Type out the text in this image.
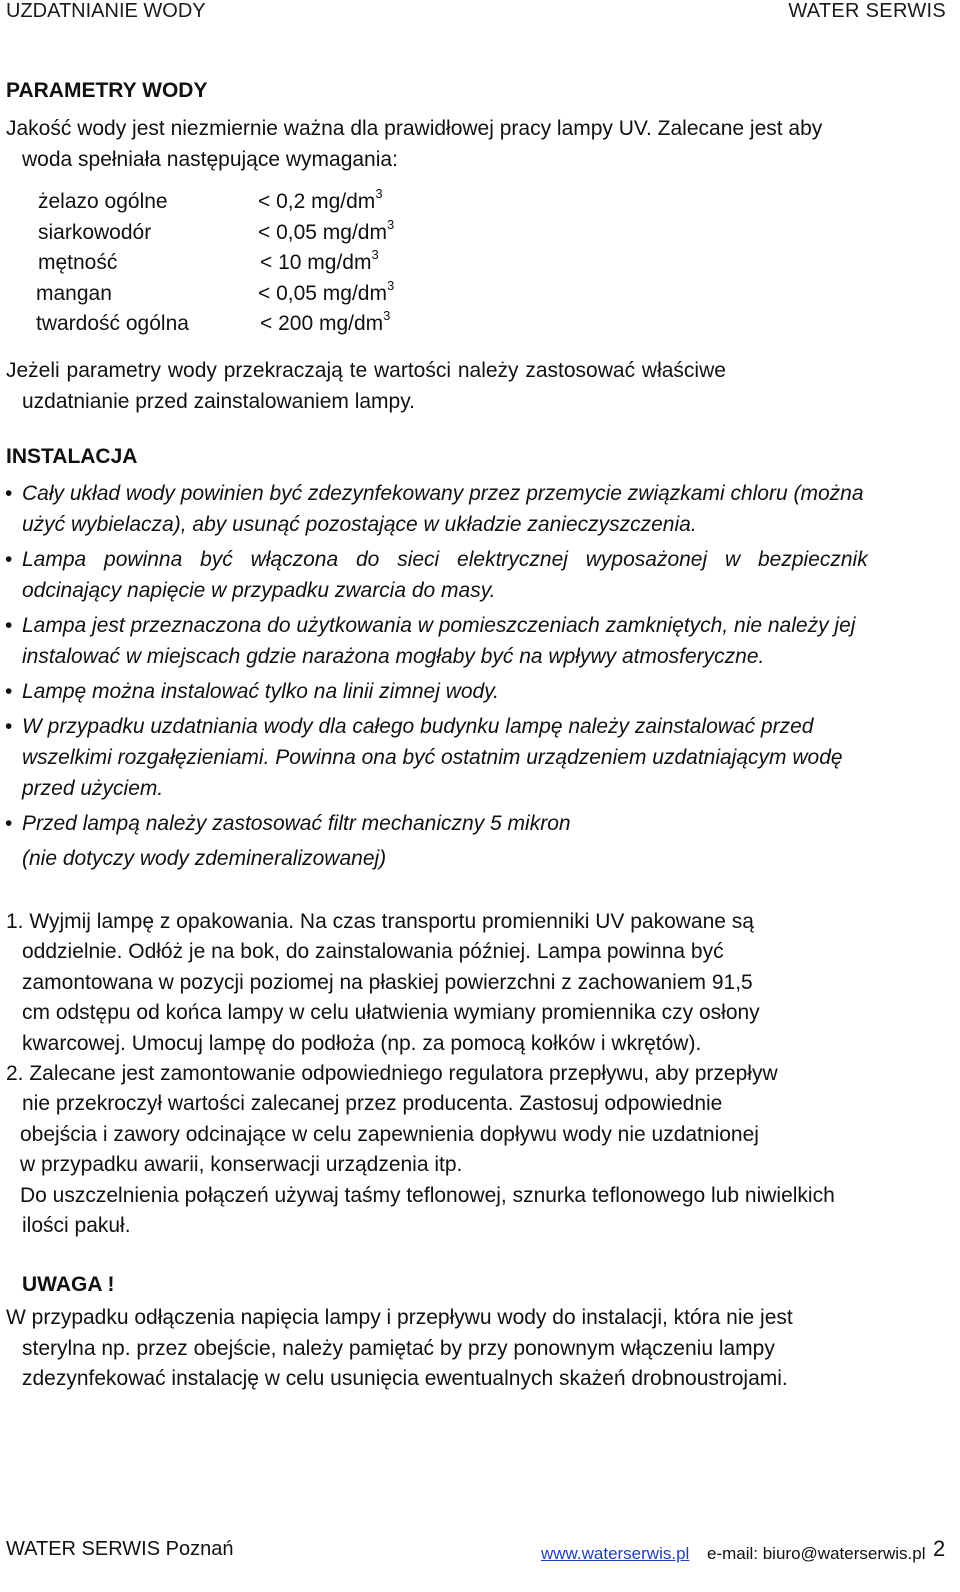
UZDATNIANIE WODY	WATER SERWIS
PARAMETRY WODY
Jakość wody jest niezmiernie ważna dla prawidłowej pracy lampy UV. Zalecane jest aby
woda spełniała następujące wymagania:
żelazo ogólne	< 0,2 $mg/dm^3$
siarkowodór	< 0,05 $mg/dm^3$
mętność	< 10 $mg/dm^3$
mangan	< 0,05 $mg/dm^3$
twardość ogólna	< 200 $mg/dm^3$
Jeżeli parametry wody przekraczają te wartości należy zastosować właściwe
uzdatnianie przed zainstalowaniem lampy.
INSTALACJA
• Cały układ wody powinien być zdezynfekowany przez przemycie związkami chloru (można
użyć wybielacza), aby usunąć pozostające w układzie zanieczyszczenia.
• Lampa powinna być włączona do sieci elektrycznej wyposażonej w bezpiecznik
odcinający napięcie w przypadku zwarcia do masy.
• Lampa jest przeznaczona do użytkowania w pomieszczeniach zamkniętych, nie należy jej
instalować w miejscach gdzie narażona mogłaby być na wpływy atmosferyczne.
• Lampę można instalować tylko na linii zimnej wody.
• W przypadku uzdatniania wody dla całego budynku lampę należy zainstalować przed
wszelkimi rozgałęzieniami. Powinna ona być ostatnim urządzeniem uzdatniającym wodę
przed użyciem.
• Przed lampą należy zastosować filtr mechaniczny 5 mikron
(nie dotyczy wody zdemineralizowanej)
1. Wyjmij lampę z opakowania. Na czas transportu promienniki UV pakowane są
oddzielnie. Odłóż je na bok, do zainstalowania później. Lampa powinna być
zamontowana w pozycji poziomej na płaskiej powierzchni z zachowaniem 91,5
cm odstępu od końca lampy w celu ułatwienia wymiany promiennika czy osłony
kwarcowej. Umocuj lampę do podłoża (np. za pomocą kołków i wkrętów).
2. Zalecane jest zamontowanie odpowiedniego regulatora przepływu, aby przepływ
nie przekroczył wartości zalecanej przez producenta. Zastosuj odpowiednie
obejścia i zawory odcinające w celu zapewnienia dopływu wody nie uzdatnionej
w przypadku awarii, konserwacji urządzenia itp.
Do uszczelnienia połączeń używaj taśmy teflonowej, sznurka teflonowego lub niwielkich
ilości pakuł.
UWAGA !
W przypadku odłączenia napięcia lampy i przepływu wody do instalacji, która nie jest
sterylna np. przez obejście, należy pamiętać by przy ponownym włączeniu lampy
zdezynfekować instalację w celu usunięcia ewentualnych skażeń drobnoustrojami.
WATER SERWIS Poznań	www.waterserwis.pl e-mail: biuro@waterserwis.pl 2
